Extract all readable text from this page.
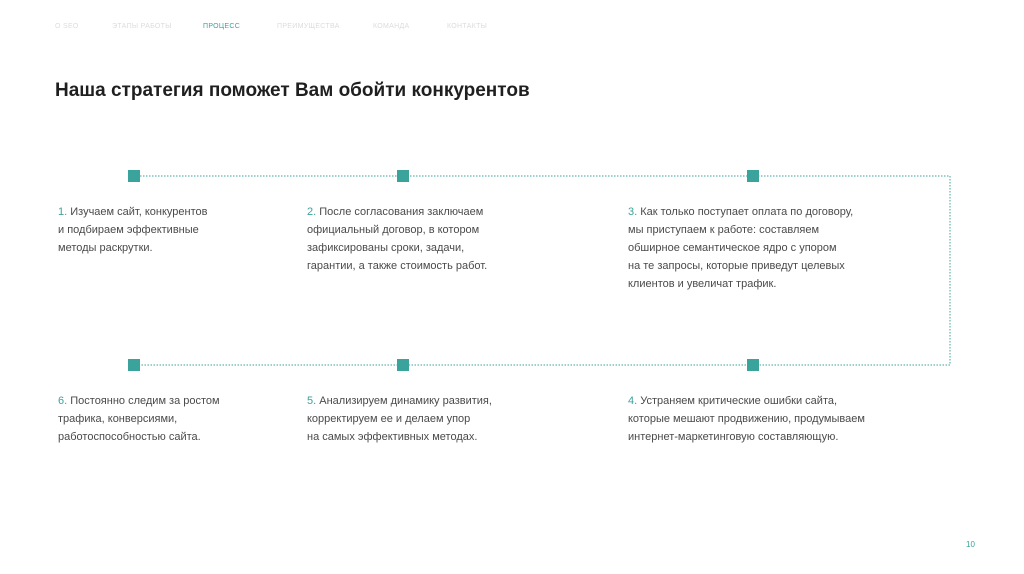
О SEO	ЭТАПЫ РАБОТЫ	ПРОЦЕСС	ПРЕИМУЩЕСТВА	КОМАНДА	КОНТАКТЫ
Наша стратегия поможет Вам обойти конкурентов
1. Изучаем сайт, конкурентов
и подбираем эффективные
методы раскрутки.
2. После согласования заключаем
официальный договор, в котором
зафиксированы сроки, задачи,
гарантии, а также стоимость работ.
3. Как только поступает оплата по договору,
мы приступаем к работе: составляем
обширное семантическое ядро с упором
на те запросы, которые приведут целевых
клиентов и увеличат трафик.
4. Устраняем критические ошибки сайта,
которые мешают продвижению, продумываем
интернет-маркетинговую составляющую.
5. Анализируем динамику развития,
корректируем ее и делаем упор
на самых эффективных методах.
6. Постоянно следим за ростом
трафика, конверсиями,
работоспособностью сайта.
10
